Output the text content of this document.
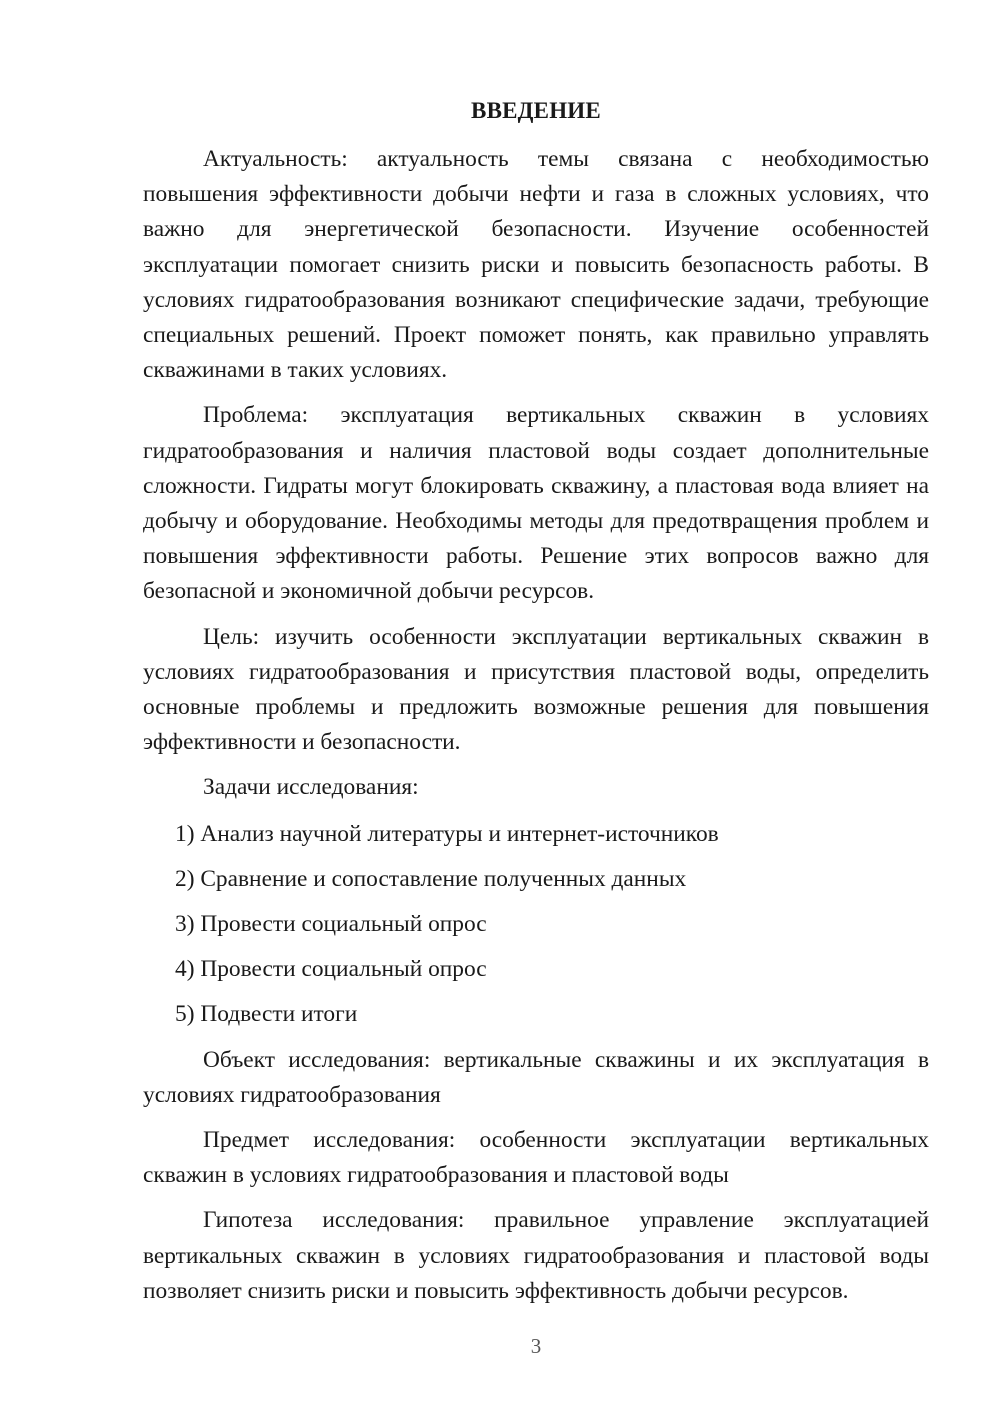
ВВЕДЕНИЕ

Актуальность: актуальность темы связана с необходимостью повышения эффективности добычи нефти и газа в сложных условиях, что важно для энергетической безопасности. Изучение особенностей эксплуатации помогает снизить риски и повысить безопасность работы. В условиях гидратообразования возникают специфические задачи, требующие специальных решений. Проект поможет понять, как правильно управлять скважинами в таких условиях.

Проблема: эксплуатация вертикальных скважин в условиях гидратообразования и наличия пластовой воды создает дополнительные сложности. Гидраты могут блокировать скважину, а пластовая вода влияет на добычу и оборудование. Необходимы методы для предотвращения проблем и повышения эффективности работы. Решение этих вопросов важно для безопасной и экономичной добычи ресурсов.

Цель: изучить особенности эксплуатации вертикальных скважин в условиях гидратообразования и присутствия пластовой воды, определить основные проблемы и предложить возможные решения для повышения эффективности и безопасности.

Задачи исследования:

1) Анализ научной литературы и интернет-источников

2) Сравнение и сопоставление полученных данных

3) Провести социальный опрос

4) Провести социальный опрос

5) Подвести итоги

Объект исследования: вертикальные скважины и их эксплуатация в условиях гидратообразования

Предмет исследования: особенности эксплуатации вертикальных скважин в условиях гидратообразования и пластовой воды

Гипотеза исследования: правильное управление эксплуатацией вертикальных скважин в условиях гидратообразования и пластовой воды позволяет снизить риски и повысить эффективность добычи ресурсов.

3
